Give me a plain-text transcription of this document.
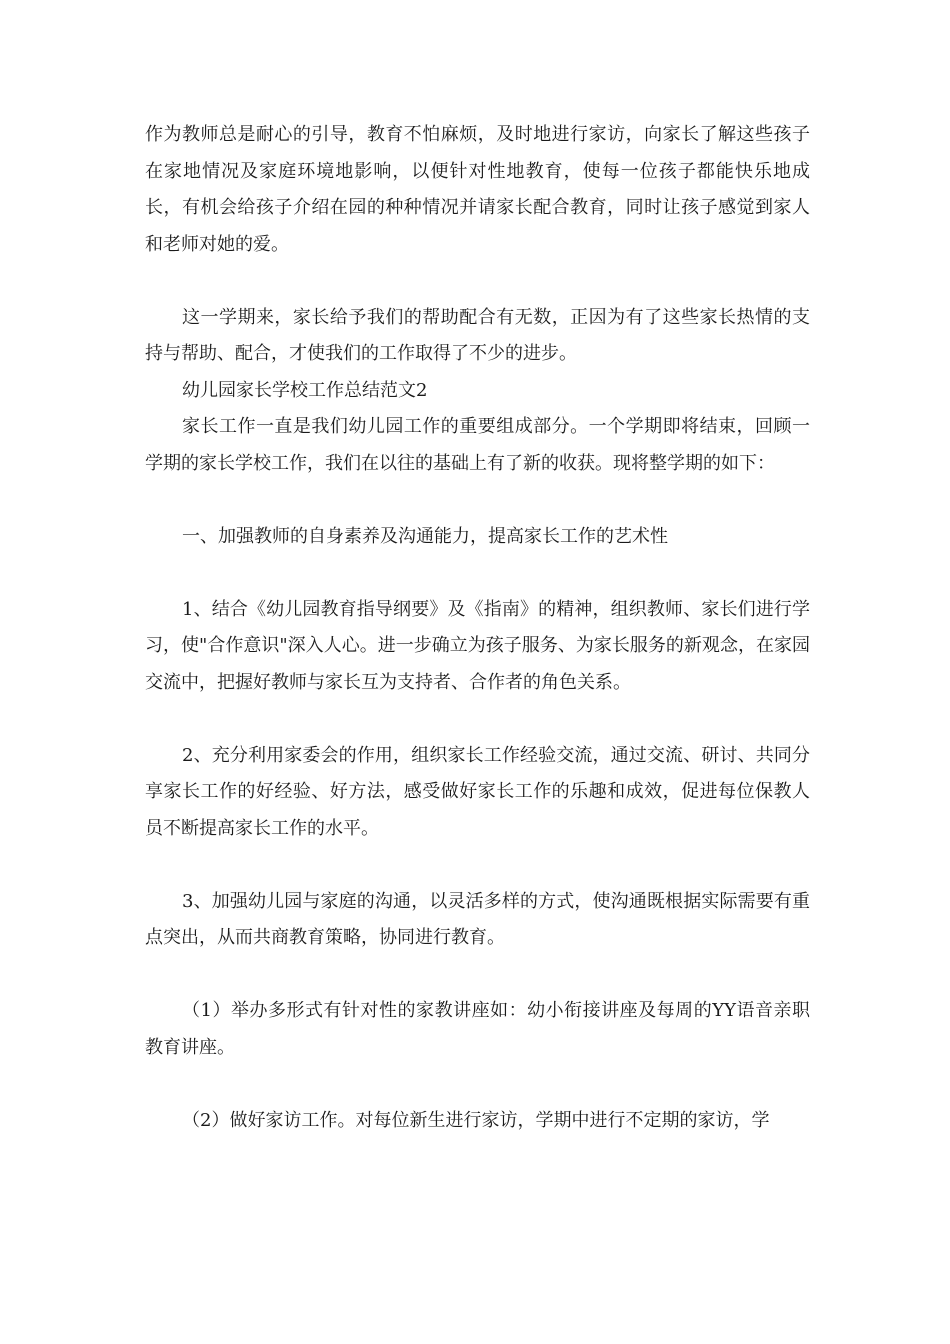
作为教师总是耐心的引导，教育不怕麻烦，及时地进行家访，向家长了解这些孩子在家地情况及家庭环境地影响，以便针对性地教育，使每一位孩子都能快乐地成长，有机会给孩子介绍在园的种种情况并请家长配合教育，同时让孩子感觉到家人和老师对她的爱。

这一学期来，家长给予我们的帮助配合有无数，正因为有了这些家长热情的支持与帮助、配合，才使我们的工作取得了不少的进步。

幼儿园家长学校工作总结范文2

家长工作一直是我们幼儿园工作的重要组成部分。一个学期即将结束，回顾一学期的家长学校工作，我们在以往的基础上有了新的收获。现将整学期的如下：

一、加强教师的自身素养及沟通能力，提高家长工作的艺术性

1、结合《幼儿园教育指导纲要》及《指南》的精神，组织教师、家长们进行学习，使"合作意识"深入人心。进一步确立为孩子服务、为家长服务的新观念，在家园交流中，把握好教师与家长互为支持者、合作者的角色关系。

2、充分利用家委会的作用，组织家长工作经验交流，通过交流、研讨、共同分享家长工作的好经验、好方法，感受做好家长工作的乐趣和成效，促进每位保教人员不断提高家长工作的水平。

3、加强幼儿园与家庭的沟通，以灵活多样的方式，使沟通既根据实际需要有重点突出，从而共商教育策略，协同进行教育。

（1）举办多形式有针对性的家教讲座如：幼小衔接讲座及每周的YY语音亲职教育讲座。

（2）做好家访工作。对每位新生进行家访，学期中进行不定期的家访，学
